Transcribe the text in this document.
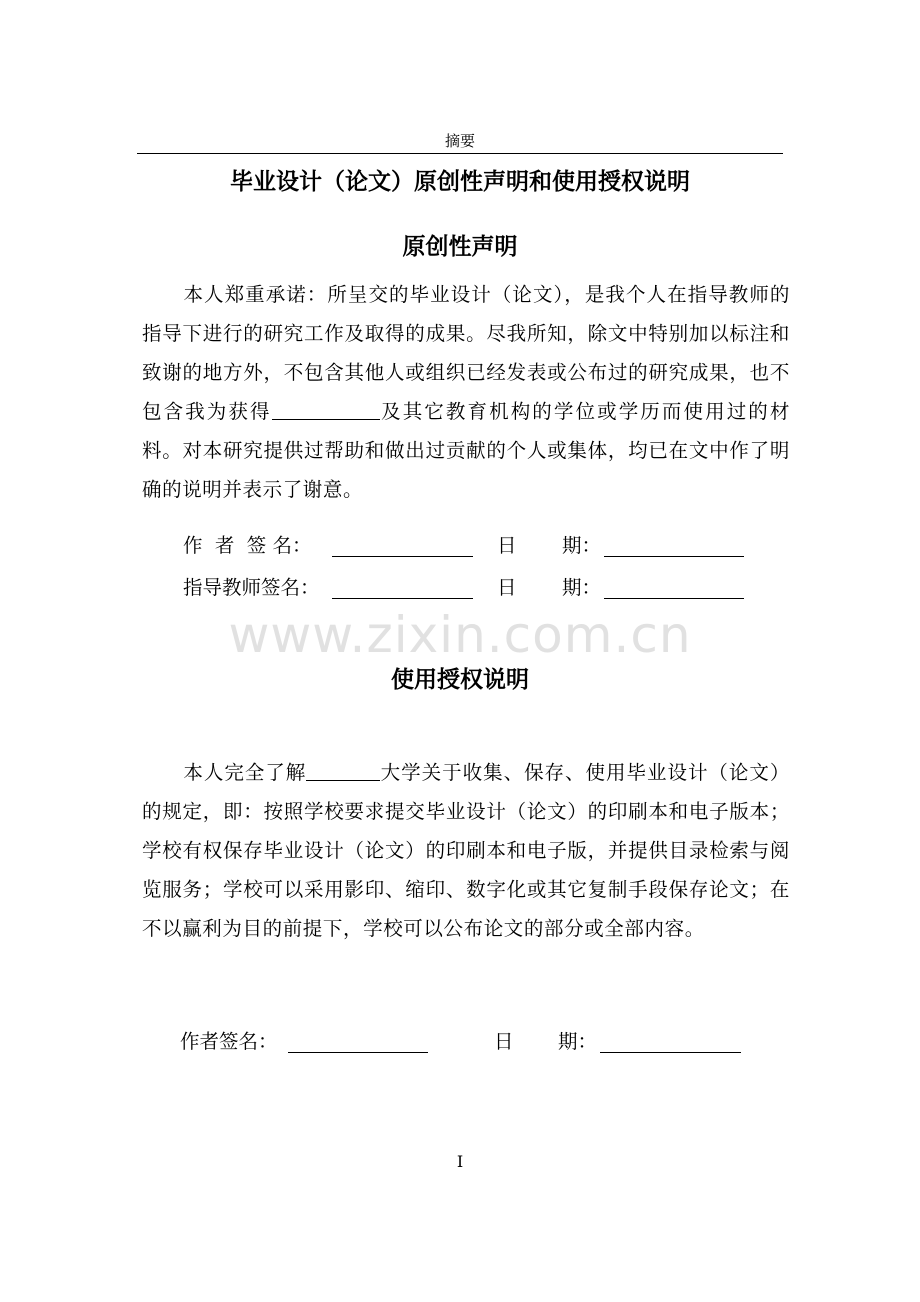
摘要
毕业设计（论文）原创性声明和使用授权说明
原创性声明
本人郑重承诺：所呈交的毕业设计（论文），是我个人在指导教师的指导下进行的研究工作及取得的成果。尽我所知，除文中特别加以标注和致谢的地方外，不包含其他人或组织已经发表或公布过的研究成果，也不包含我为获得	及其它教育机构的学位或学历而使用过的材料。对本研究提供过帮助和做出过贡献的个人或集体，均已在文中作了明确的说明并表示了谢意。
作  者  签 名：	日 期：
指导教师签名：	日 期：
www.zixin.com.cn
使用授权说明
本人完全了解	大学关于收集、保存、使用毕业设计（论文）的规定，即：按照学校要求提交毕业设计（论文）的印刷本和电子版本；学校有权保存毕业设计（论文）的印刷本和电子版，并提供目录检索与阅览服务；学校可以采用影印、缩印、数字化或其它复制手段保存论文；在不以赢利为目的前提下，学校可以公布论文的部分或全部内容。
作者签名：	日 期：
I
